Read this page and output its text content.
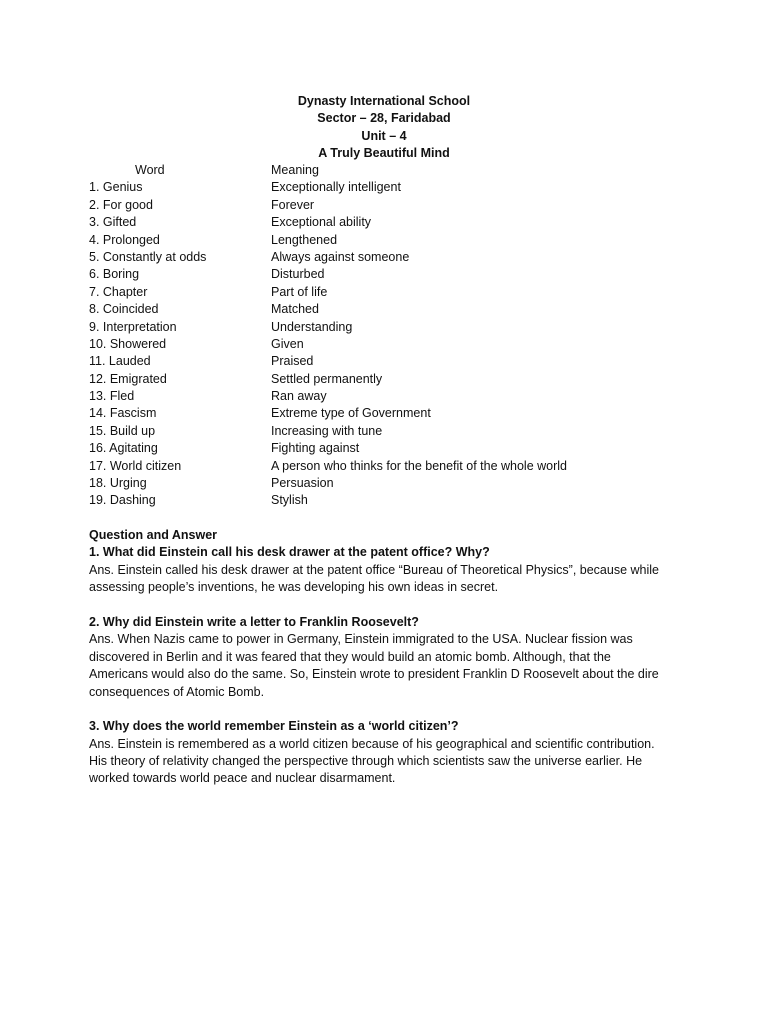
Dynasty International School
Sector – 28, Faridabad
Unit – 4
A Truly Beautiful Mind
Word	Meaning
1. Genius	Exceptionally intelligent
2. For good	Forever
3. Gifted	Exceptional ability
4. Prolonged	Lengthened
5. Constantly at odds	Always against someone
6. Boring	Disturbed
7. Chapter	Part of life
8. Coincided	Matched
9. Interpretation	Understanding
10. Showered	Given
11. Lauded	Praised
12. Emigrated	Settled permanently
13. Fled	Ran away
14. Fascism	Extreme type of Government
15. Build up	Increasing with tune
16. Agitating	Fighting against
17. World citizen	A person who thinks for the benefit of the whole world
18. Urging	Persuasion
19. Dashing	Stylish
Question and Answer
1. What did Einstein call his desk drawer at the patent office? Why?
Ans. Einstein called his desk drawer at the patent office “Bureau of Theoretical Physics”, because while
assessing people’s inventions, he was developing his own ideas in secret.
2. Why did Einstein write a letter to Franklin Roosevelt?
Ans. When Nazis came to power in Germany, Einstein immigrated to the USA. Nuclear fission was
discovered in Berlin and it was feared that they would build an atomic bomb. Although, that the
Americans would also do the same. So, Einstein wrote to president Franklin D Roosevelt about the dire
consequences of Atomic Bomb.
3. Why does the world remember Einstein as a ‘world citizen’?
Ans. Einstein is remembered as a world citizen because of his geographical and scientific contribution.
His theory of relativity changed the perspective through which scientists saw the universe earlier. He
worked towards world peace and nuclear disarmament.
